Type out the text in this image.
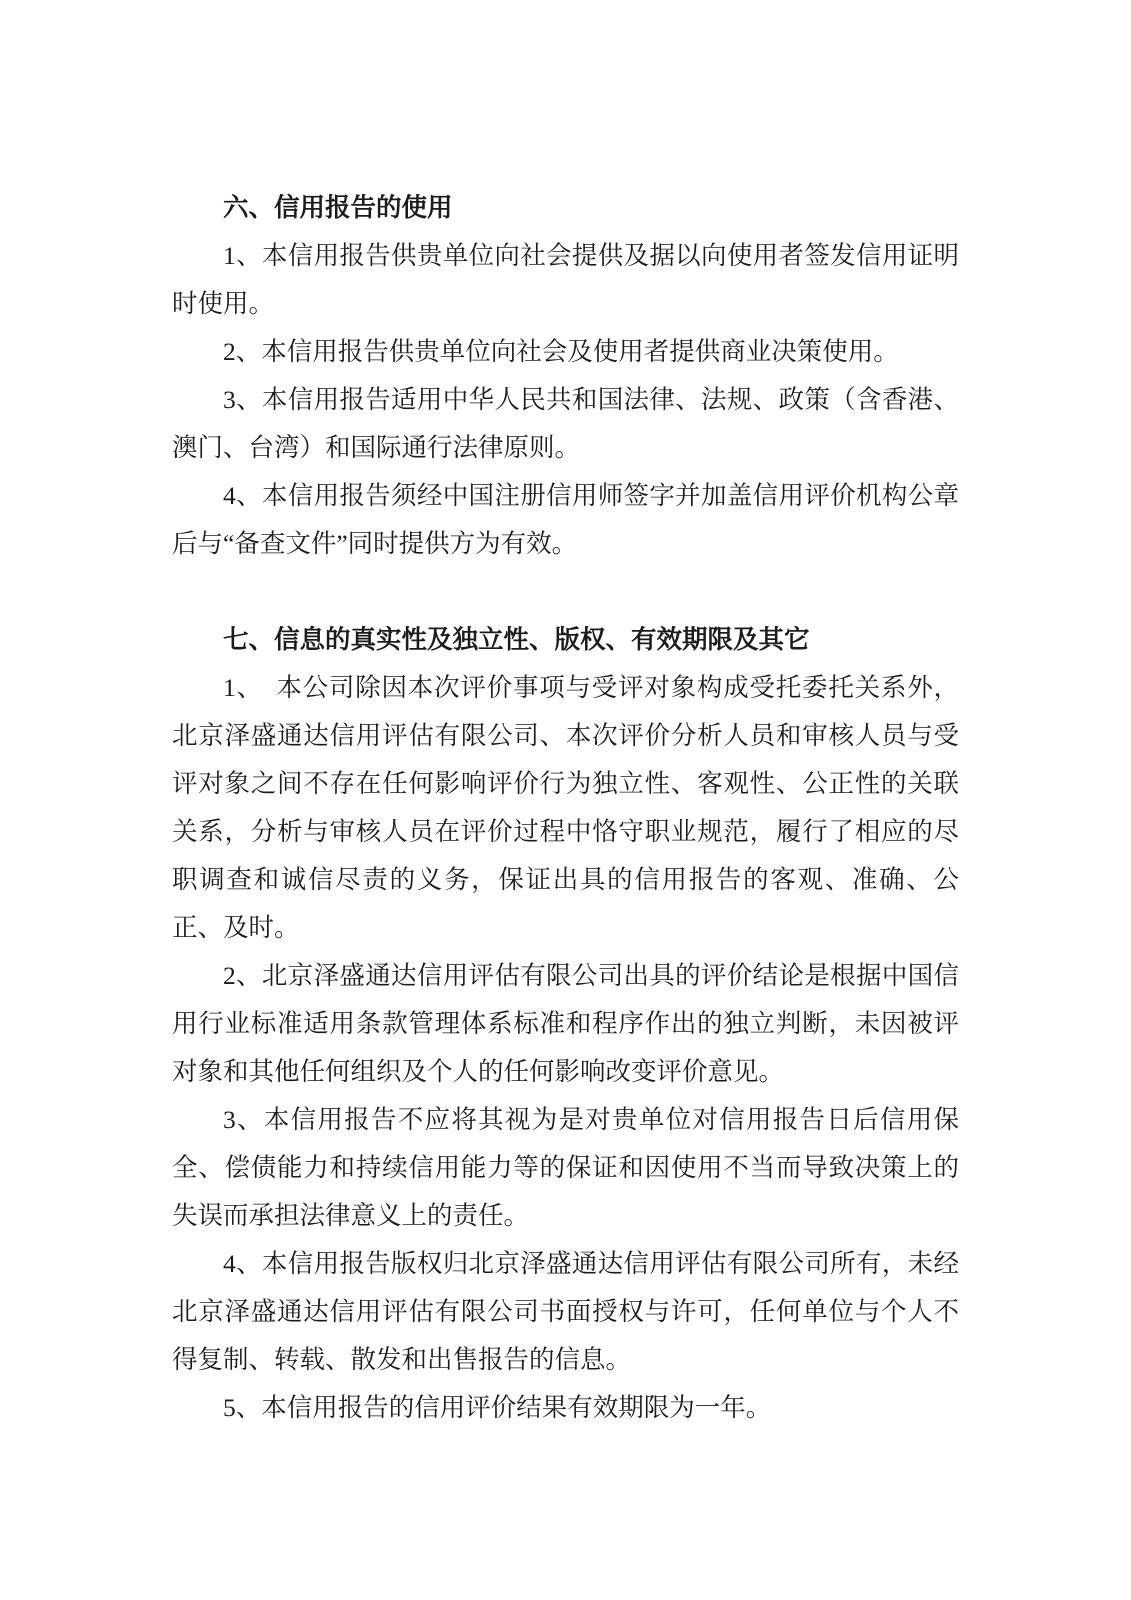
六、信用报告的使用

1、本信用报告供贵单位向社会提供及据以向使用者签发信用证明时使用。

2、本信用报告供贵单位向社会及使用者提供商业决策使用。

3、本信用报告适用中华人民共和国法律、法规、政策（含香港、澳门、台湾）和国际通行法律原则。

4、本信用报告须经中国注册信用师签字并加盖信用评价机构公章后与“备查文件”同时提供方为有效。

七、信息的真实性及独立性、版权、有效期限及其它

1、　本公司除因本次评价事项与受评对象构成受托委托关系外，北京泽盛通达信用评估有限公司、本次评价分析人员和审核人员与受评对象之间不存在任何影响评价行为独立性、客观性、公正性的关联关系，分析与审核人员在评价过程中恪守职业规范，履行了相应的尽职调查和诚信尽责的义务，保证出具的信用报告的客观、准确、公正、及时。

2、北京泽盛通达信用评估有限公司出具的评价结论是根据中国信用行业标准适用条款管理体系标准和程序作出的独立判断，未因被评对象和其他任何组织及个人的任何影响改变评价意见。

3、本信用报告不应将其视为是对贵单位对信用报告日后信用保全、偿债能力和持续信用能力等的保证和因使用不当而导致决策上的失误而承担法律意义上的责任。

4、本信用报告版权归北京泽盛通达信用评估有限公司所有，未经北京泽盛通达信用评估有限公司书面授权与许可，任何单位与个人不得复制、转载、散发和出售报告的信息。

5、本信用报告的信用评价结果有效期限为一年。
